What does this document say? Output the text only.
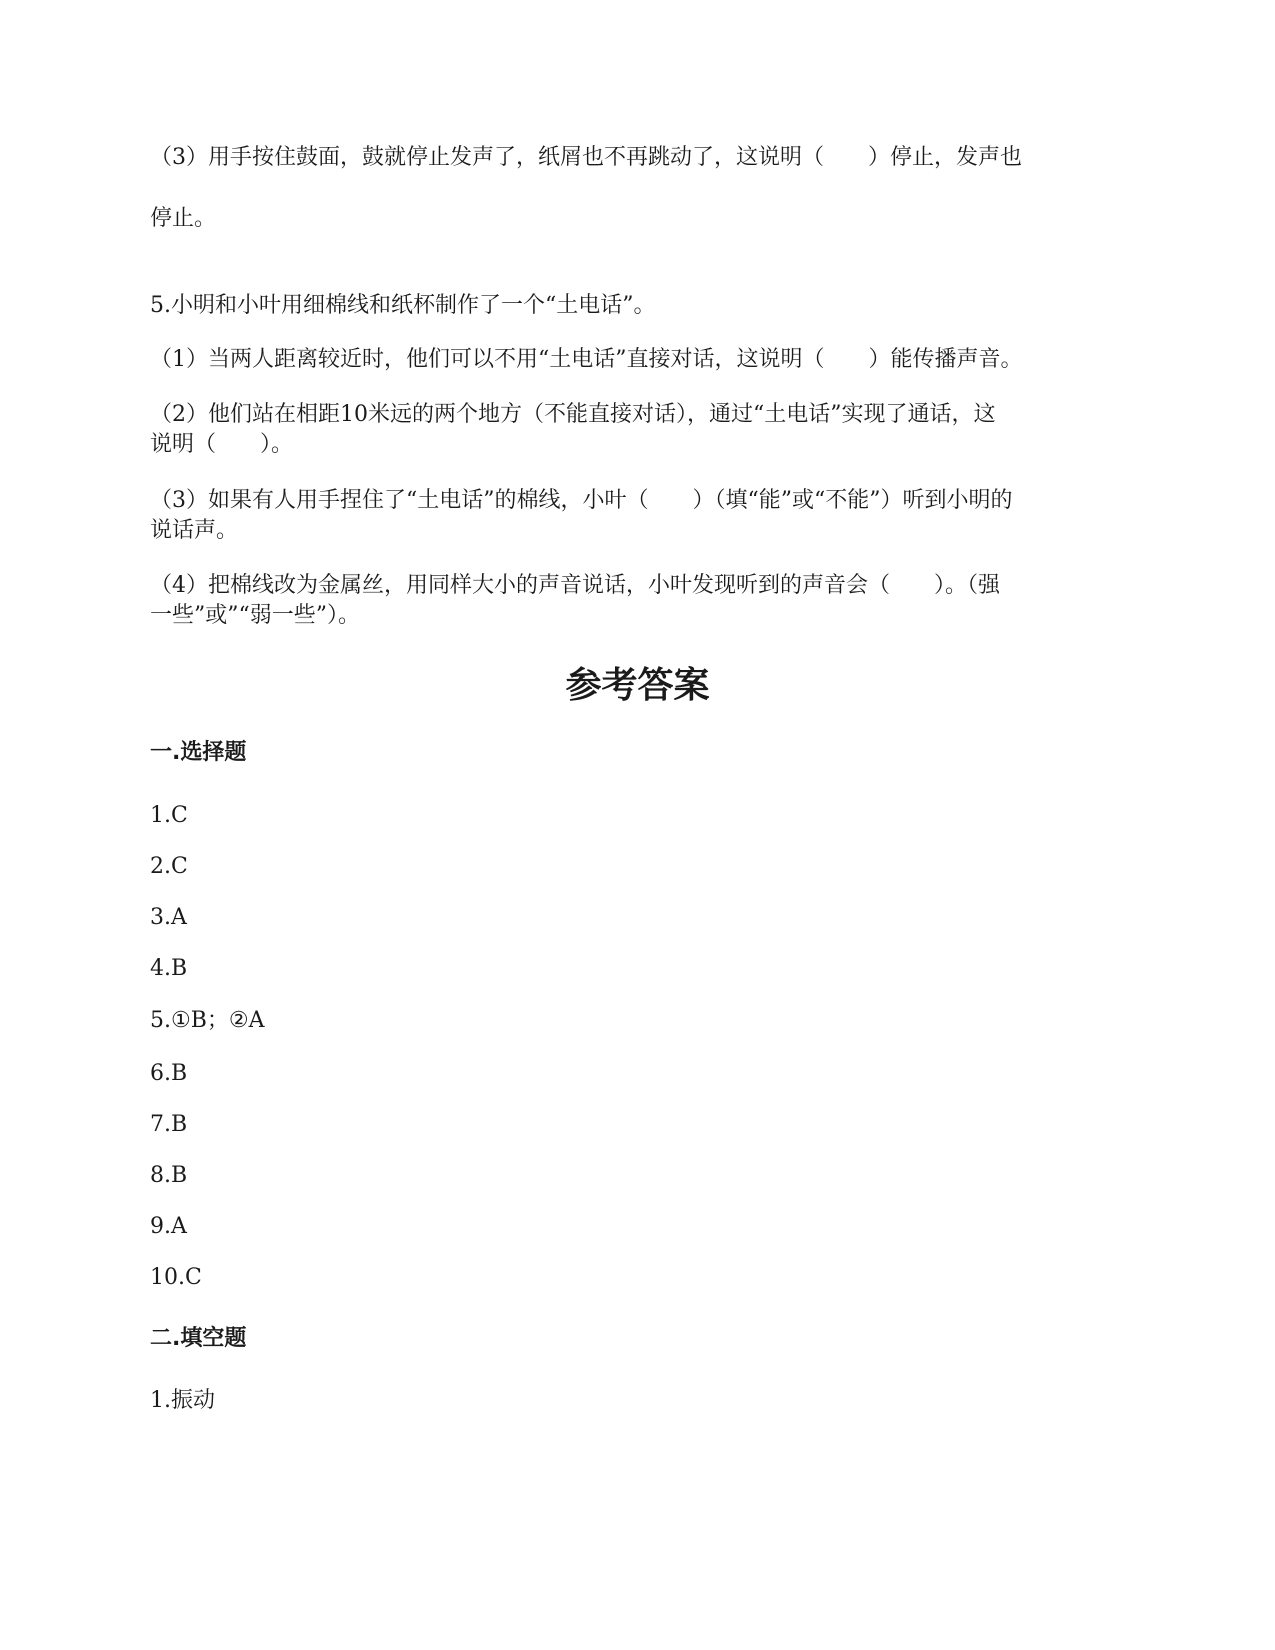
（3）用手按住鼓面，鼓就停止发声了，纸屑也不再跳动了，这说明（　　）停止，发声也
停止。
5.小明和小叶用细棉线和纸杯制作了一个“土电话”。
（1）当两人距离较近时，他们可以不用“土电话”直接对话，这说明（　　）能传播声音。
（2）他们站在相距10米远的两个地方（不能直接对话），通过“土电话”实现了通话，这
说明（　　）。
（3）如果有人用手捏住了“土电话”的棉线，小叶（　　）（填“能”或“不能”）听到小明的
说话声。
（4）把棉线改为金属丝，用同样大小的声音说话，小叶发现听到的声音会（　　）。（强
一些”或”“弱一些”）。
参考答案
一.选择题
1.C
2.C
3.A
4.B
5.①B；②A
6.B
7.B
8.B
9.A
10.C
二.填空题
1.振动
